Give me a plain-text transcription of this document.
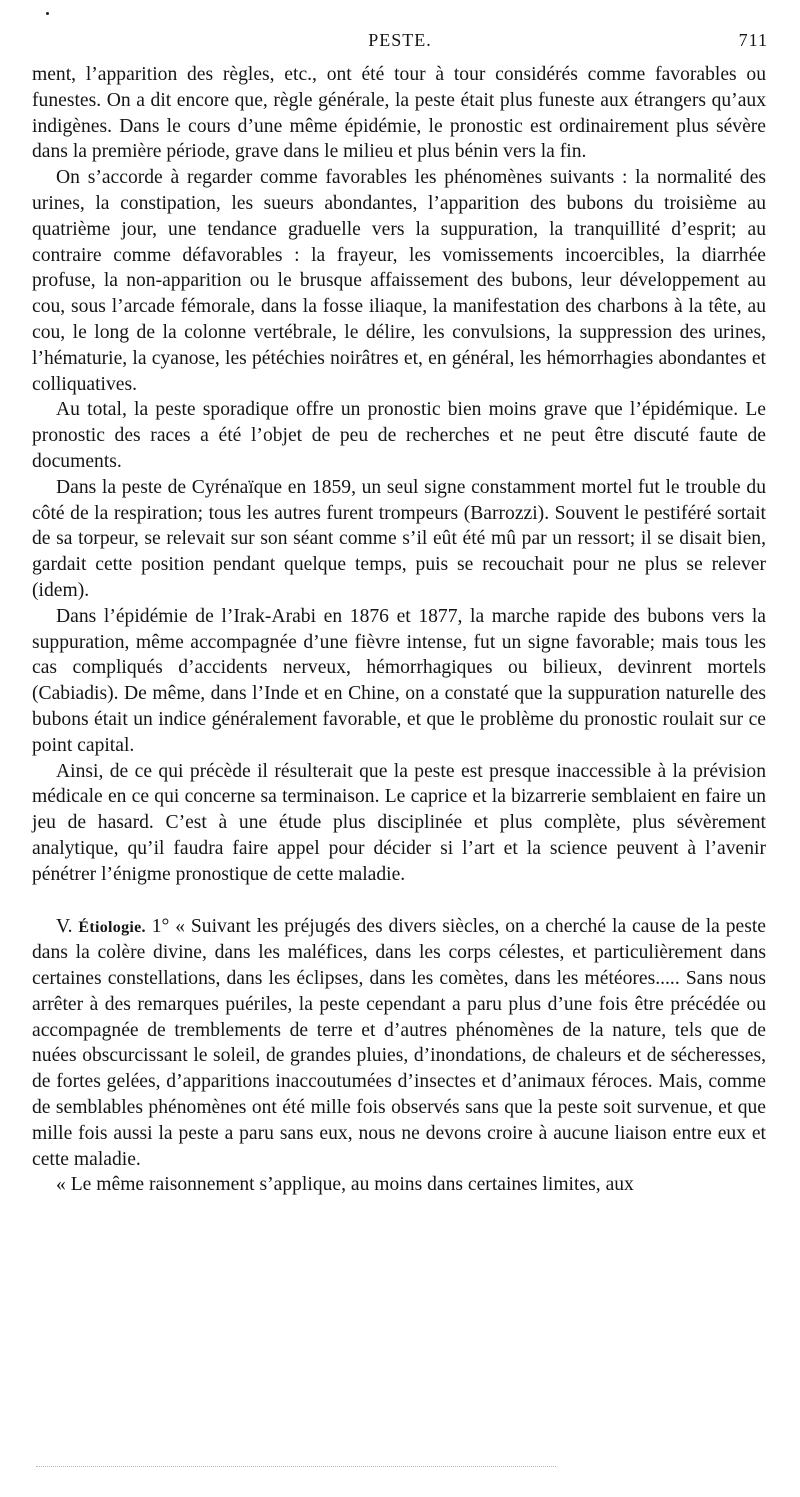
PESTE.	711

ment, l’apparition des règles, etc., ont été tour à tour considérés comme favorables ou funestes. On a dit encore que, règle générale, la peste était plus funeste aux étrangers qu’aux indigènes. Dans le cours d’une même épidémie, le pronostic est ordinairement plus sévère dans la première période, grave dans le milieu et plus bénin vers la fin.

On s’accorde à regarder comme favorables les phénomènes suivants : la normalité des urines, la constipation, les sueurs abondantes, l’apparition des bubons du troisième au quatrième jour, une tendance graduelle vers la suppuration, la tranquillité d’esprit; au contraire comme défavorables : la frayeur, les vomissements incoercibles, la diarrhée profuse, la non-apparition ou le brusque affaissement des bubons, leur développement au cou, sous l’arcade fémorale, dans la fosse iliaque, la manifestation des charbons à la tête, au cou, le long de la colonne vertébrale, le délire, les convulsions, la suppression des urines, l’hématurie, la cyanose, les pétéchies noirâtres et, en général, les hémorrhagies abondantes et colliquatives.

Au total, la peste sporadique offre un pronostic bien moins grave que l’épidémique. Le pronostic des races a été l’objet de peu de recherches et ne peut être discuté faute de documents.

Dans la peste de Cyrénaïque en 1859, un seul signe constamment mortel fut le trouble du côté de la respiration; tous les autres furent trompeurs (Barrozzi). Souvent le pestiféré sortait de sa torpeur, se relevait sur son séant comme s’il eût été mû par un ressort; il se disait bien, gardait cette position pendant quelque temps, puis se recouchait pour ne plus se relever (idem).

Dans l’épidémie de l’Irak-Arabi en 1876 et 1877, la marche rapide des bubons vers la suppuration, même accompagnée d’une fièvre intense, fut un signe favorable; mais tous les cas compliqués d’accidents nerveux, hémorrhagiques ou bilieux, devinrent mortels (Cabiadis). De même, dans l’Inde et en Chine, on a constaté que la suppuration naturelle des bubons était un indice généralement favorable, et que le problème du pronostic roulait sur ce point capital.

Ainsi, de ce qui précède il résulterait que la peste est presque inaccessible à la prévision médicale en ce qui concerne sa terminaison. Le caprice et la bizarrerie semblaient en faire un jeu de hasard. C’est à une étude plus disciplinée et plus complète, plus sévèrement analytique, qu’il faudra faire appel pour décider si l’art et la science peuvent à l’avenir pénétrer l’énigme pronostique de cette maladie.

V. Étiologie. 1° « Suivant les préjugés des divers siècles, on a cherché la cause de la peste dans la colère divine, dans les maléfices, dans les corps célestes, et particulièrement dans certaines constellations, dans les éclipses, dans les comètes, dans les météores..... Sans nous arrêter à des remarques puériles, la peste cependant a paru plus d’une fois être précédée ou accompagnée de tremblements de terre et d’autres phénomènes de la nature, tels que de nuées obscurcissant le soleil, de grandes pluies, d’inondations, de chaleurs et de sécheresses, de fortes gelées, d’apparitions inaccoutumées d’insectes et d’animaux féroces. Mais, comme de semblables phénomènes ont été mille fois observés sans que la peste soit survenue, et que mille fois aussi la peste a paru sans eux, nous ne devons croire à aucune liaison entre eux et cette maladie.

« Le même raisonnement s’applique, au moins dans certaines limites, aux
